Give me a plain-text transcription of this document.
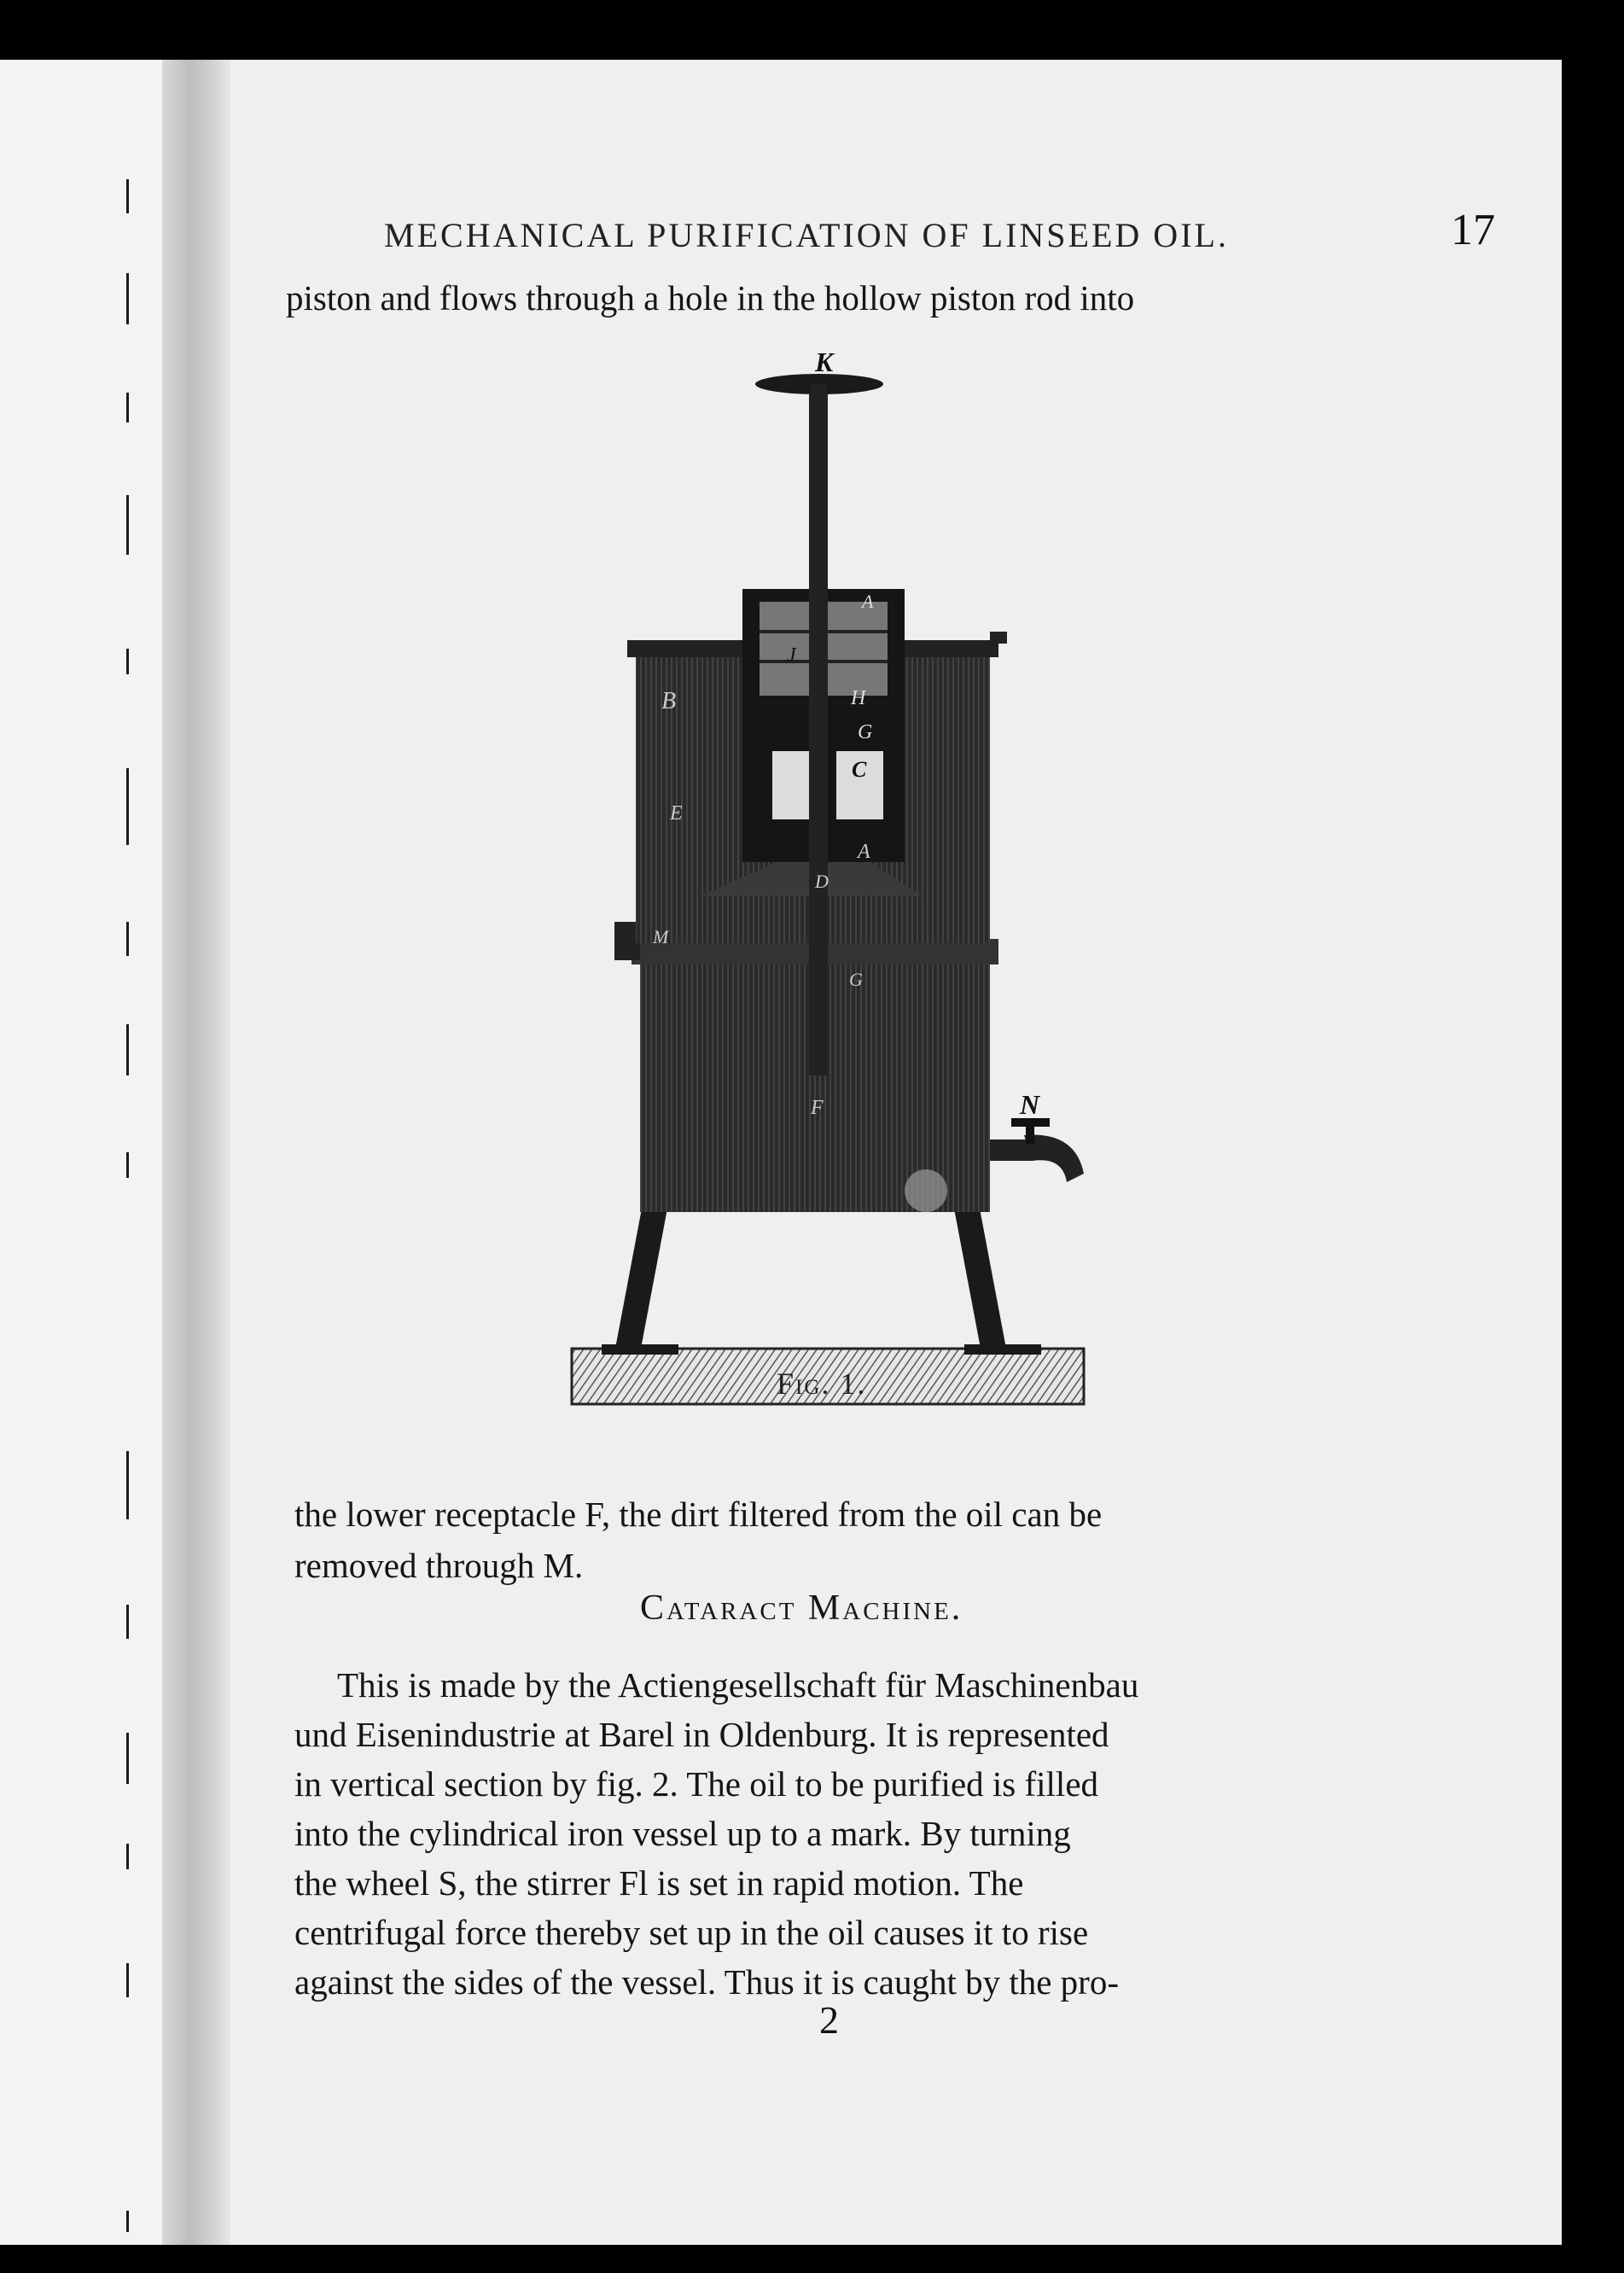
MECHANICAL PURIFICATION OF LINSEED OIL.	17
piston and flows through a hole in the hollow piston rod into
K
A
J
B	H
G
C
E
D
A
M
G
F	N
Fig. 1.
the lower receptacle F, the dirt filtered from the oil can be
removed through M.
Cataract Machine.
This is made by the Actiengesellschaft für Maschinenbau
und Eisenindustrie at Barel in Oldenburg. It is represented
in vertical section by fig. 2. The oil to be purified is filled
into the cylindrical iron vessel up to a mark. By turning
the wheel S, the stirrer Fl is set in rapid motion. The
centrifugal force thereby set up in the oil causes it to rise
against the sides of the vessel. Thus it is caught by the pro-
2
